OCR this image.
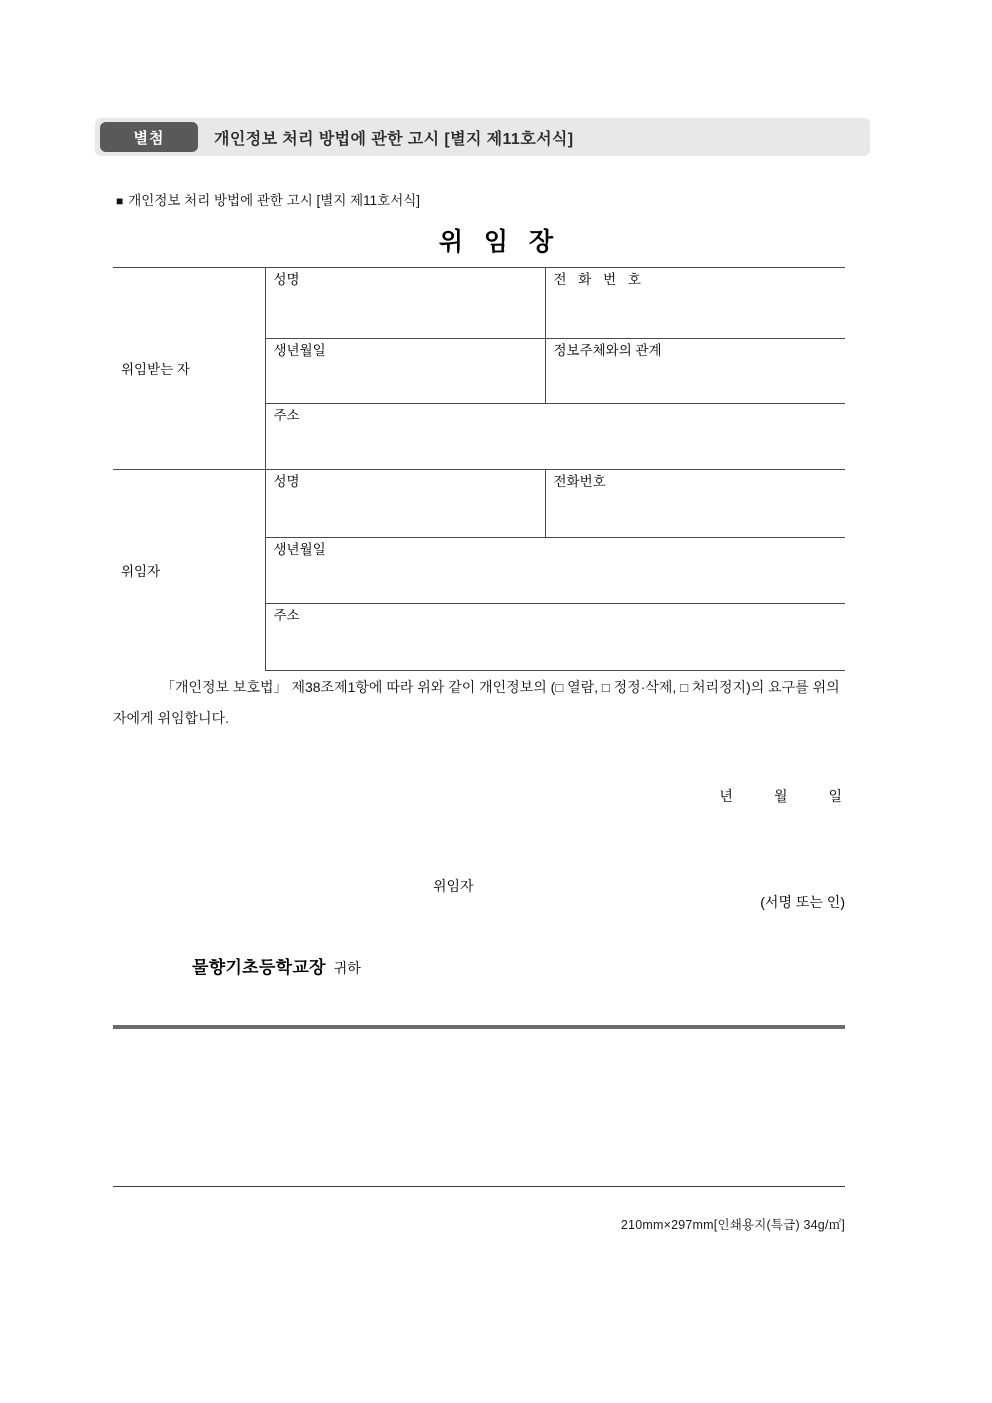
별첨	개인정보 처리 방법에 관한 고시 [별지 제11호서식]
■ 개인정보 처리 방법에 관한 고시 [별지 제11호서식]
위 임 장
위임받는 자	성명	전 화 번 호
	생년월일	정보주체와의 관계
	주소	
위임자	성명	전화번호
	생년월일	
	주소	
「개인정보 보호법」 제38조제1항에 따라 위와 같이 개인정보의 (□ 열람, □ 정정·삭제, □ 처리정지)의 요구를 위의 자에게 위임합니다.
년	월	일
위임자
(서명 또는 인)
물향기초등학교장 귀하
210mm×297mm[인쇄용지(특급) 34g/㎡]
